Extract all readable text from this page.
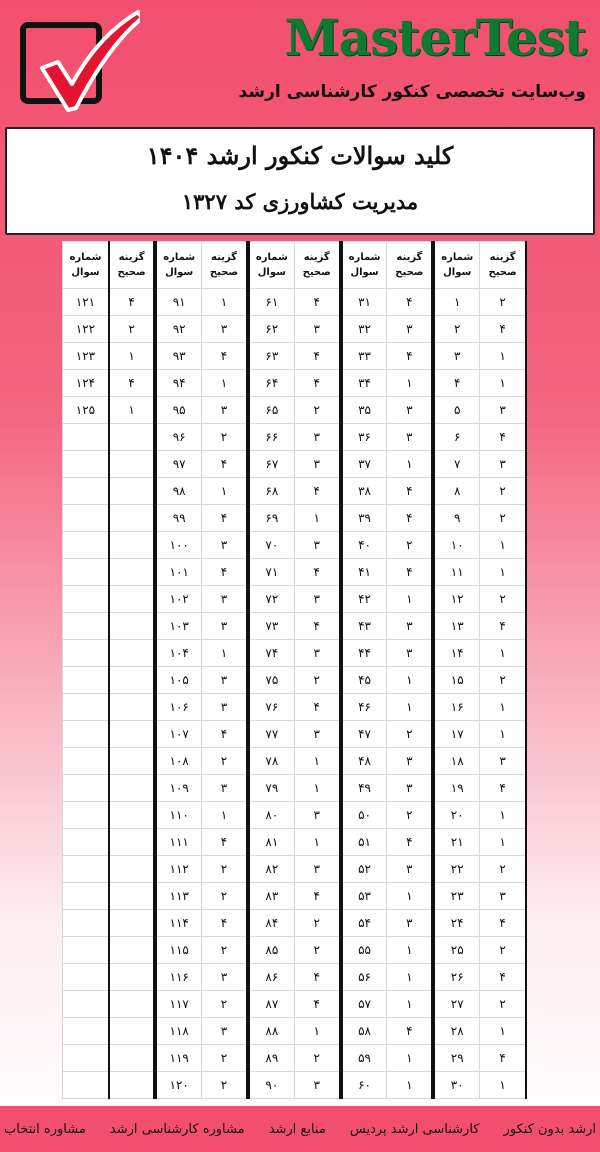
MasterTest
وب‌سایت تخصصی کنکور کارشناسی ارشد
کلید سوالات کنکور ارشد ۱۴۰۴
مدیریت کشاورزی کد ۱۳۲۷
گزینه صحیح	شماره سوال	گزینه صحیح	شماره سوال	گزینه صحیح	شماره سوال	گزینه صحیح	شماره سوال	گزینه صحیح	شماره سوال
۲	۱	۴	۳۱	۴	۶۱	۱	۹۱	۴	۱۲۱
۴	۲	۳	۳۲	۳	۶۲	۳	۹۲	۲	۱۲۲
۱	۳	۴	۳۳	۴	۶۳	۴	۹۳	۱	۱۲۳
۱	۴	۱	۳۴	۴	۶۴	۱	۹۴	۴	۱۲۴
۳	۵	۳	۳۵	۲	۶۵	۳	۹۵	۱	۱۲۵
۴	۶	۳	۳۶	۳	۶۶	۲	۹۶		
۳	۷	۱	۳۷	۳	۶۷	۴	۹۷		
۲	۸	۴	۳۸	۴	۶۸	۱	۹۸		
۲	۹	۴	۳۹	۱	۶۹	۴	۹۹		
۱	۱۰	۲	۴۰	۳	۷۰	۳	۱۰۰		
۱	۱۱	۴	۴۱	۴	۷۱	۴	۱۰۱		
۲	۱۲	۱	۴۲	۳	۷۲	۳	۱۰۲		
۴	۱۳	۳	۴۳	۴	۷۳	۳	۱۰۳		
۱	۱۴	۳	۴۴	۳	۷۴	۱	۱۰۴		
۲	۱۵	۱	۴۵	۲	۷۵	۳	۱۰۵		
۱	۱۶	۱	۴۶	۴	۷۶	۳	۱۰۶		
۱	۱۷	۲	۴۷	۳	۷۷	۴	۱۰۷		
۳	۱۸	۳	۴۸	۱	۷۸	۲	۱۰۸		
۴	۱۹	۳	۴۹	۱	۷۹	۳	۱۰۹		
۱	۲۰	۲	۵۰	۳	۸۰	۱	۱۱۰		
۱	۲۱	۴	۵۱	۱	۸۱	۴	۱۱۱		
۲	۲۲	۳	۵۲	۳	۸۲	۲	۱۱۲		
۳	۲۳	۱	۵۳	۴	۸۳	۲	۱۱۳		
۴	۲۴	۳	۵۴	۲	۸۴	۴	۱۱۴		
۲	۲۵	۱	۵۵	۲	۸۵	۲	۱۱۵		
۴	۲۶	۱	۵۶	۴	۸۶	۳	۱۱۶		
۲	۲۷	۱	۵۷	۴	۸۷	۲	۱۱۷		
۱	۲۸	۴	۵۸	۱	۸۸	۳	۱۱۸		
۴	۲۹	۱	۵۹	۲	۸۹	۲	۱۱۹		
۱	۳۰	۱	۶۰	۳	۹۰	۲	۱۲۰		
ارشد بدون کنکور
کارشناسی ارشد پردیس
منابع ارشد
مشاوره کارشناسی ارشد
مشاوره انتخاب
